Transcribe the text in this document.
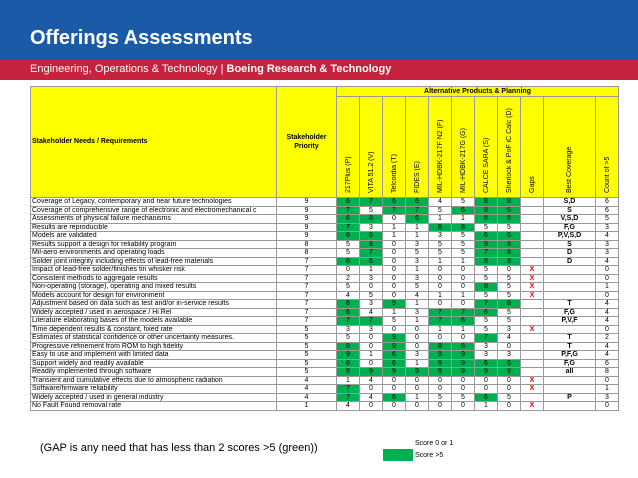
Offerings Assessments
Engineering, Operations & Technology | Boeing Research & Technology
Stakeholder Needs / Requirements	Stakeholder Priority	Alternative Products & Planning										

		217Plus (P)	VITA 51.2 (V)	Telcordia (T)	FIDES (E)	MIL-HDBK-217F N2 (F)	MIL-HDBK-217G (G)	CALCE SARA (S)	Sherlock & PoF iC Calc (D)	Gaps	Best Coverage	Count of >5

Coverage of Legacy, contemporary and near future technologies	9	6	7	6	6	4	5	8	8		S,D	6
Coverage of comprehensive range of electronic and electromechanical c	9	7	5	7	7	5	6	8	6		S	6
Assessments of physical failure mechanisms	9	6	8	0	6	1	1	8	8		V,S,D	5
Results are reproducible	9	7	3	1	1	8	8	5	5		F,G	3
Models are validated	9	6	6	1	1	3	5	6	6		P,V,S,D	4
Results support a design for reliability program	8	5	8	0	3	5	5	9	8		S	3
Mil-aero environments and operating loads	8	5	7	0	5	5	5	7	8		D	3
Solder joint integrity including effects of lead-free materials	7	6	6	0	3	1	1	8	9		D	4
Impact of lead-free solder/finishes tin whisker risk	7	0	1	0	1	0	0	5	0	X		0
Consistent methods to aggregate results	7	2	3	0	3	0	0	5	5	X		0
Non-operating (storage), operating and mixed results	7	5	0	0	5	0	0	8	5	X		1
Models account for design for environment	7	4	5	0	4	1	1	5	5	X		0
Adjustment based on data such as test and/or in-service results	7	8	3	9	1	0	0	7	8		T	4
Widely accepted / used in aerospace / Hi Rel	7	6	4	1	3	7	7	6	5		F,G	4
Literature elaborating bases of the models available	7	7	7	5	1	7	6	5	5		P,V,F	4
Time dependent results & constant, fixed rate	5	3	3	0	0	1	1	5	3	X		0
Estimates of statistical confidence or other uncertainty measures.	5	5	0	9	0	0	0	7	4		T	2
Progressive refinement from ROM to high fidelity	5	8	0	9	0	8	8	3	0		T	4
Easy to use and implement with limited data	5	9	1	6	3	9	9	3	3		P,F,G	4
Support widely and readily available	5	6	0	6	1	9	9	6	6		F,G	6
Readily implemented through software	5	9	9	9	9	9	9	9	9		all	8
Transient and cumulative effects due to atmospheric radiation	4	1	4	0	0	0	0	0	0	X		0
Software/firmware reliability	4	7	0	0	0	0	0	0	0	X		1
Widely accepted / used in general industry	4	7	4	6	1	5	5	6	5		P	3
No Fault Found removal rate	1	4	0	0	0	0	0	1	0	X		0
(GAP is any need that has less than 2 scores >5 (green))	Score 0 or 1
Score >5
